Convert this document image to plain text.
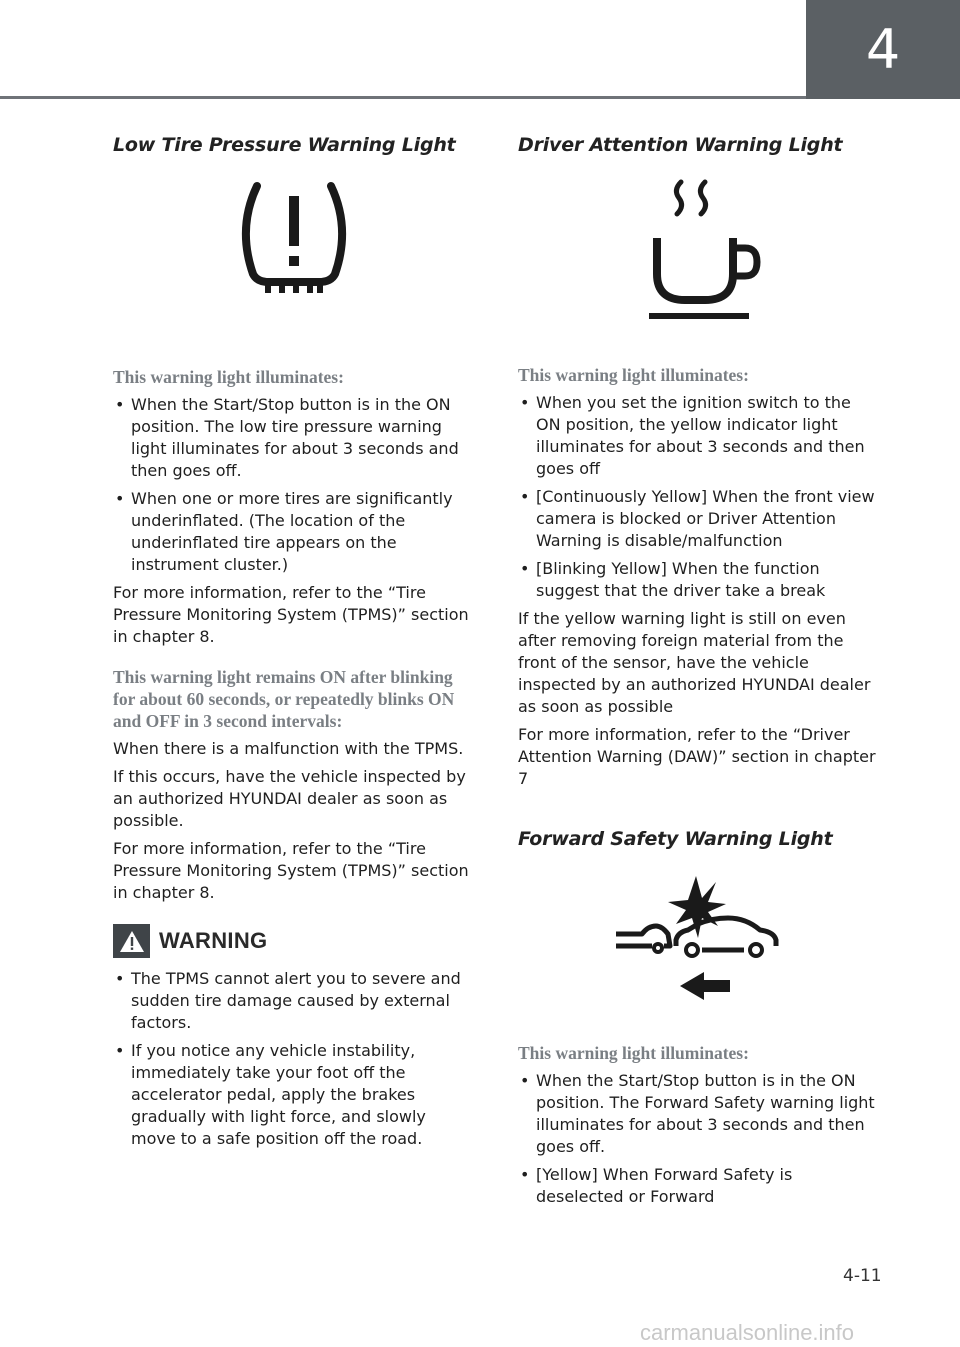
4
Low Tire Pressure Warning Light

This warning light illuminates:

• When the Start/Stop button is in the ON position. The low tire pressure warning light illuminates for about 3 seconds and then goes off.
• When one or more tires are significantly underinflated. (The location of the underinflated tire appears on the instrument cluster.)

For more information, refer to the “Tire Pressure Monitoring System (TPMS)” section in chapter 8.

This warning light remains ON after blinking for about 60 seconds, or repeatedly blinks ON and OFF in 3 second intervals:

When there is a malfunction with the TPMS.

If this occurs, have the vehicle inspected by an authorized HYUNDAI dealer as soon as possible.

For more information, refer to the “Tire Pressure Monitoring System (TPMS)” section in chapter 8.

WARNING
• The TPMS cannot alert you to severe and sudden tire damage caused by external factors.
• If you notice any vehicle instability, immediately take your foot off the accelerator pedal, apply the brakes gradually with light force, and slowly move to a safe position off the road.
Driver Attention Warning Light

This warning light illuminates:

• When you set the ignition switch to the ON position, the yellow indicator light illuminates for about 3 seconds and then goes off
• [Continuously Yellow] When the front view camera is blocked or Driver Attention Warning is disable/malfunction
• [Blinking Yellow] When the function suggest that the driver take a break

If the yellow warning light is still on even after removing foreign material from the front of the sensor, have the vehicle inspected by an authorized HYUNDAI dealer as soon as possible

For more information, refer to the “Driver Attention Warning (DAW)” section in chapter 7

Forward Safety Warning Light

This warning light illuminates:

• When the Start/Stop button is in the ON position. The Forward Safety warning light illuminates for about 3 seconds and then goes off.
• [Yellow] When Forward Safety is deselected or Forward
4-11
carmanualsonline.info
